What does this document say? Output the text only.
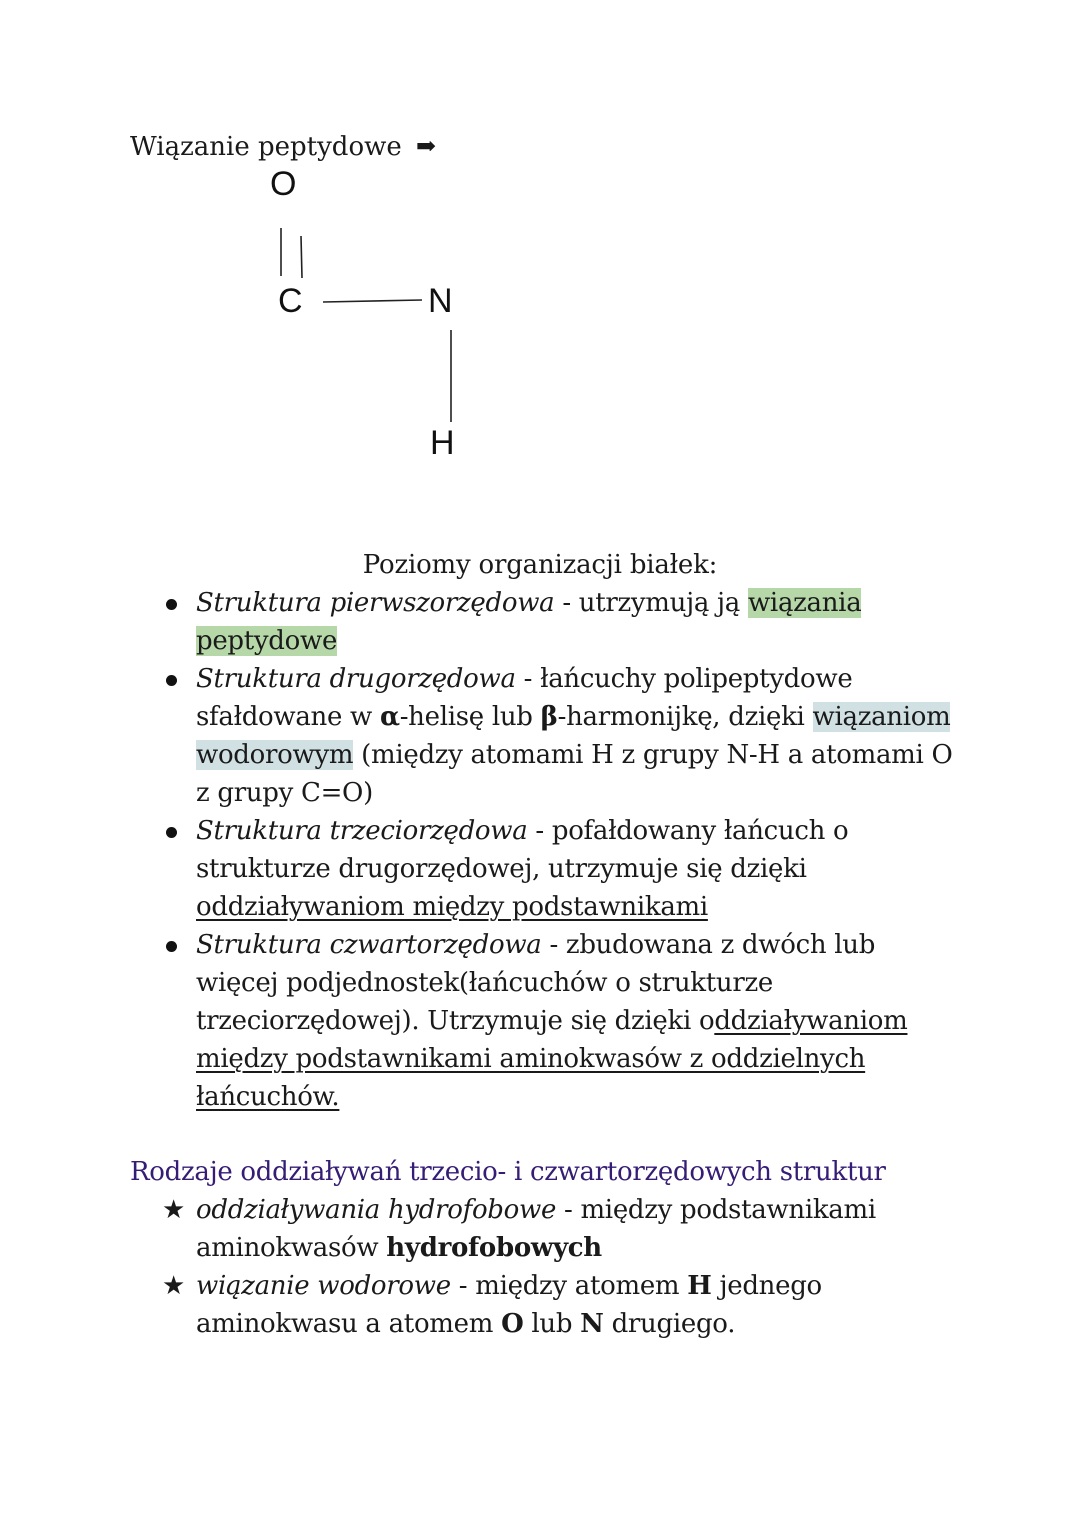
Wiązanie peptydowe ➡
O
C	N
H
Poziomy organizacji białek:
Struktura pierwszorzędowa - utrzymują ją wiązania peptydowe
Struktura drugorzędowa - łańcuchy polipeptydowe sfałdowane w α-helisę lub β-harmonijkę, dzięki wiązaniom wodorowym (między atomami H z grupy N-H a atomami O z grupy C=O)
Struktura trzeciorzędowa - pofałdowany łańcuch o strukturze drugorzędowej, utrzymuje się dzięki oddziaływaniom między podstawnikami
Struktura czwartorzędowa - zbudowana z dwóch lub więcej podjednostek(łańcuchów o strukturze trzeciorzędowej). Utrzymuje się dzięki oddziaływaniom między podstawnikami aminokwasów z oddzielnych łańcuchów.
Rodzaje oddziaływań trzecio- i czwartorzędowych struktur
★ oddziaływania hydrofobowe - między podstawnikami aminokwasów hydrofobowych
★ wiązanie wodorowe - między atomem H jednego aminokwasu a atomem O lub N drugiego.
